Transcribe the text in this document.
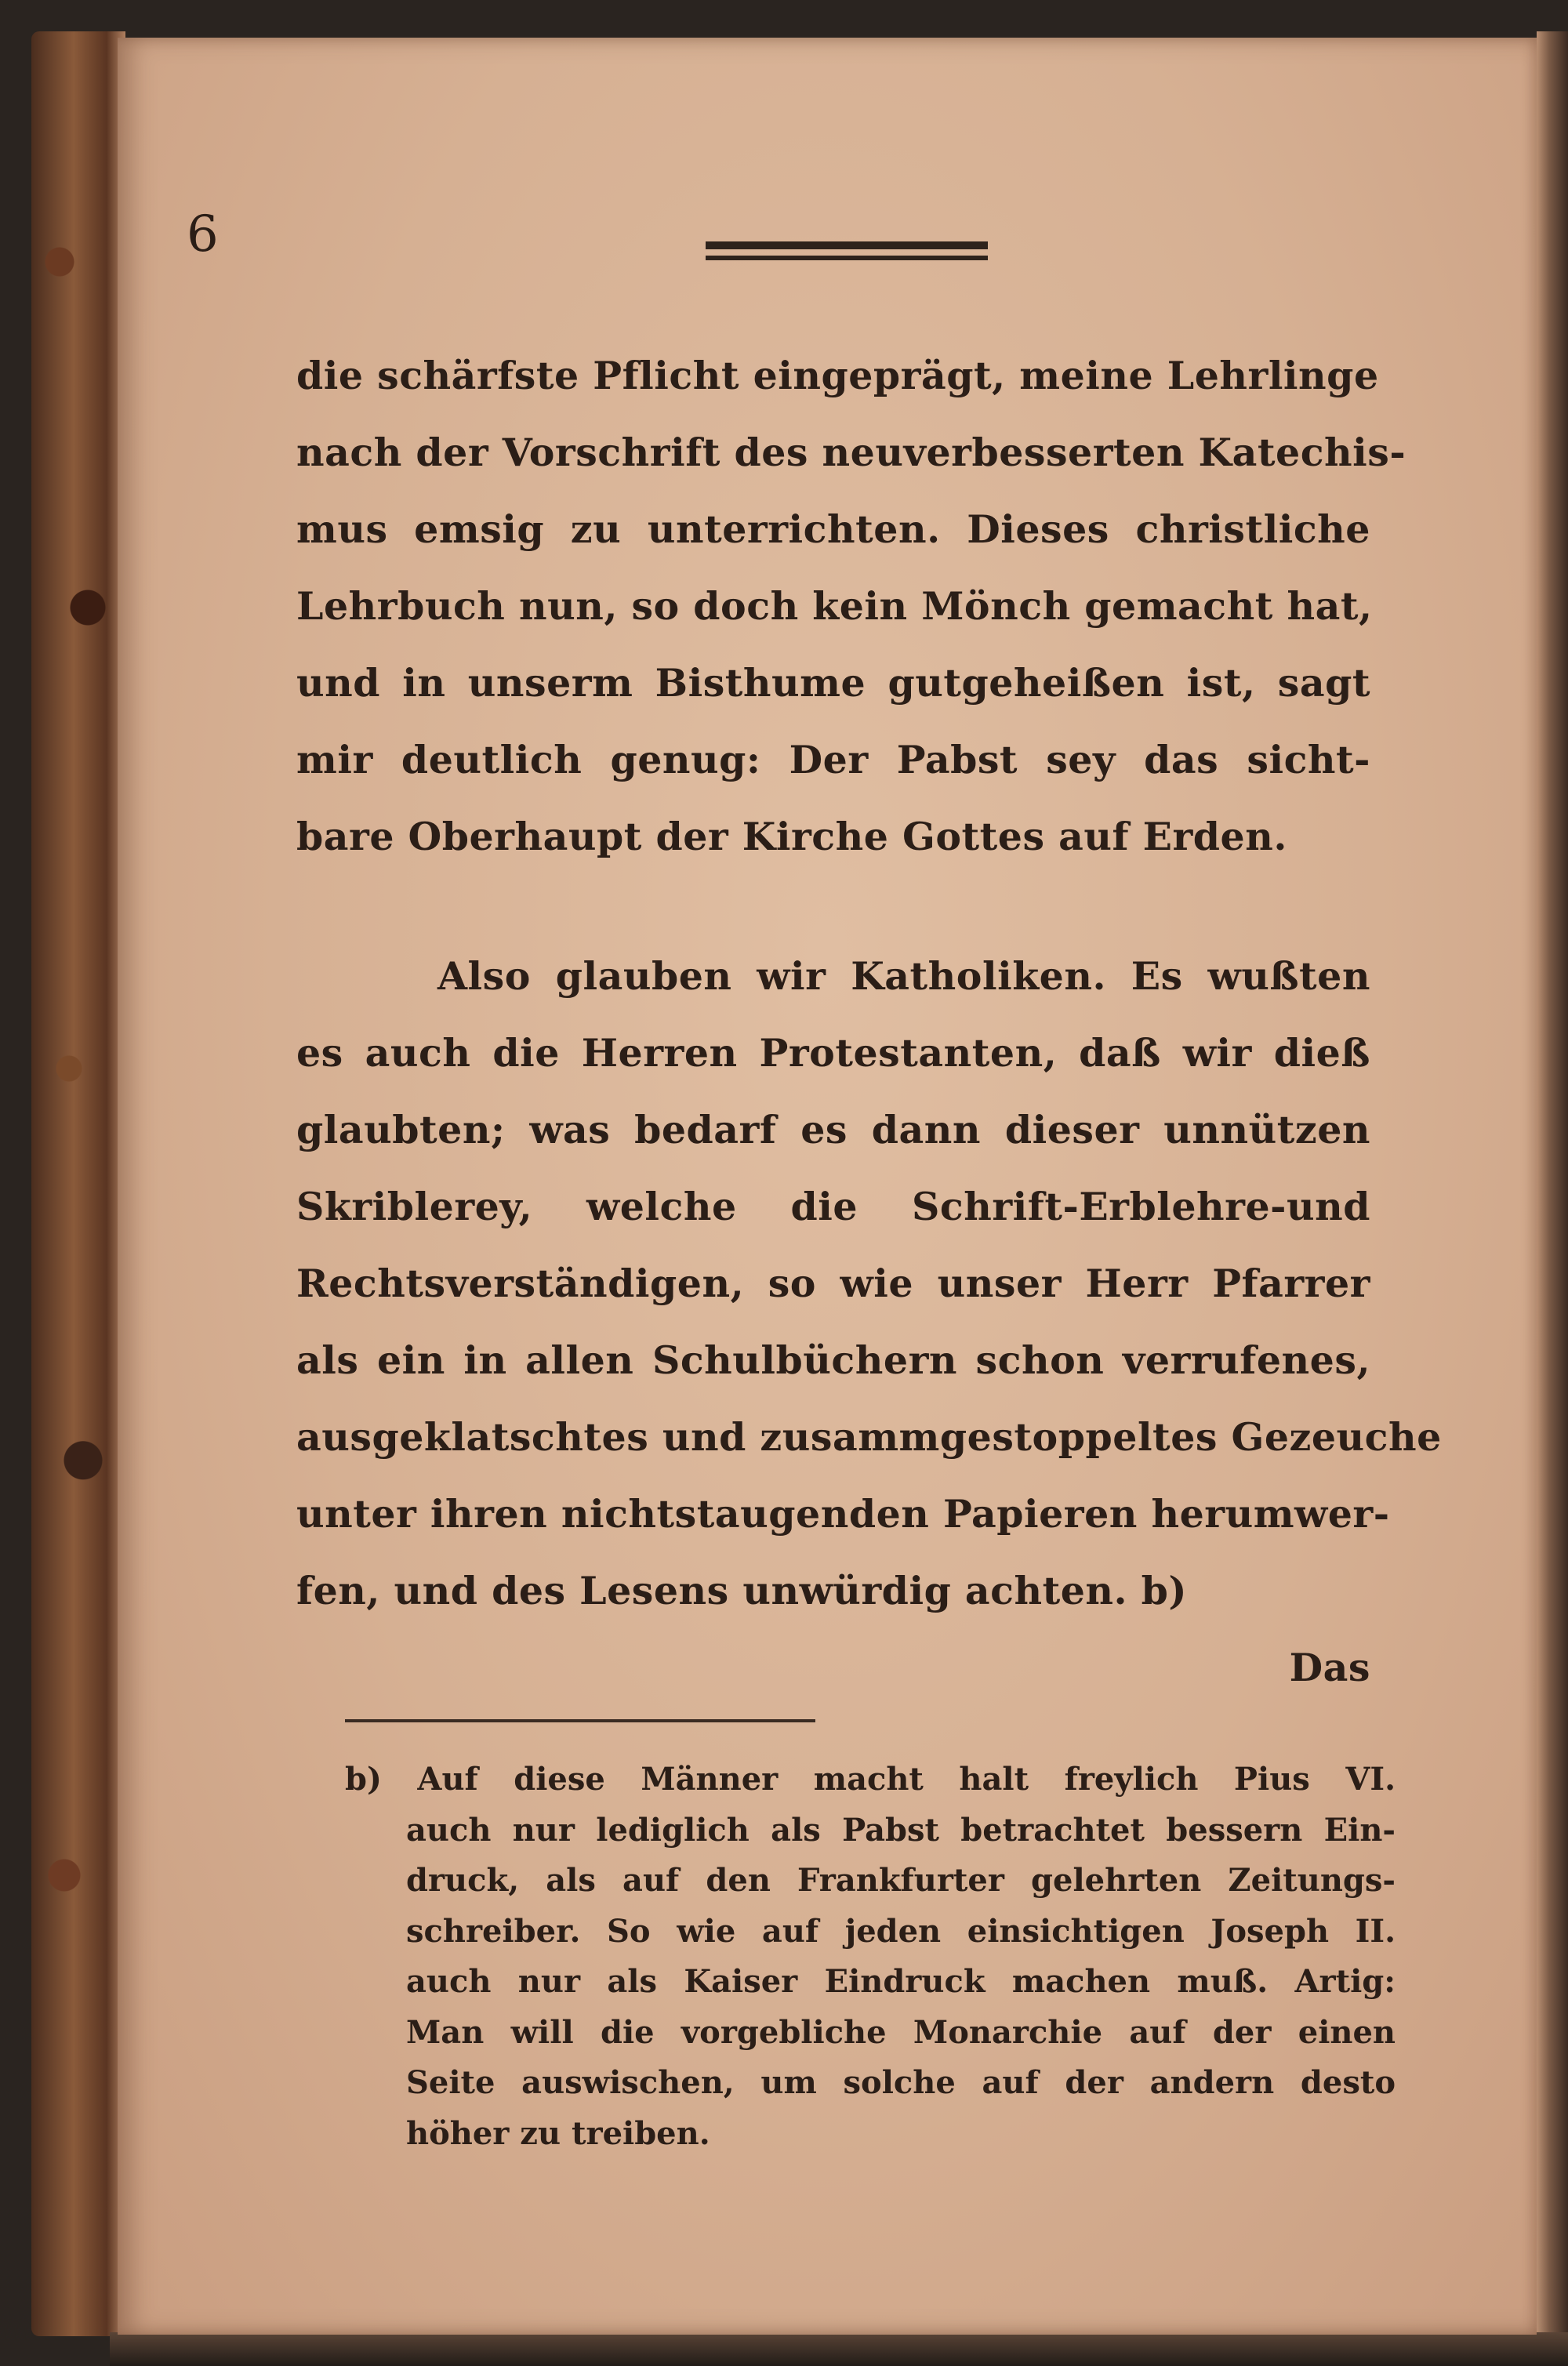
6
die schärfste Pflicht eingeprägt, meine Lehrlinge
nach der Vorschrift des neuverbesserten Katechis-
mus emsig zu unterrichten. Dieses christliche
Lehrbuch nun, so doch kein Mönch gemacht hat,
und in unserm Bisthume gutgeheißen ist, sagt
mir deutlich genug: Der Pabst sey das sicht-
bare Oberhaupt der Kirche Gottes auf Erden.
Also glauben wir Katholiken. Es wußten
es auch die Herren Protestanten, daß wir dieß
glaubten; was bedarf es dann dieser unnützen
Skriblerey, welche die Schrift-Erblehre-und
Rechtsverständigen, so wie unser Herr Pfarrer
als ein in allen Schulbüchern schon verrufenes,
ausgeklatschtes und zusammgestoppeltes Gezeuche
unter ihren nichtstaugenden Papieren herumwer-
fen, und des Lesens unwürdig achten. b)
Das
b) Auf diese Männer macht halt freylich Pius VI.
auch nur lediglich als Pabst betrachtet bessern Ein-
druck, als auf den Frankfurter gelehrten Zeitungs-
schreiber. So wie auf jeden einsichtigen Joseph II.
auch nur als Kaiser Eindruck machen muß. Artig:
Man will die vorgebliche Monarchie auf der einen
Seite auswischen, um solche auf der andern desto
höher zu treiben.
